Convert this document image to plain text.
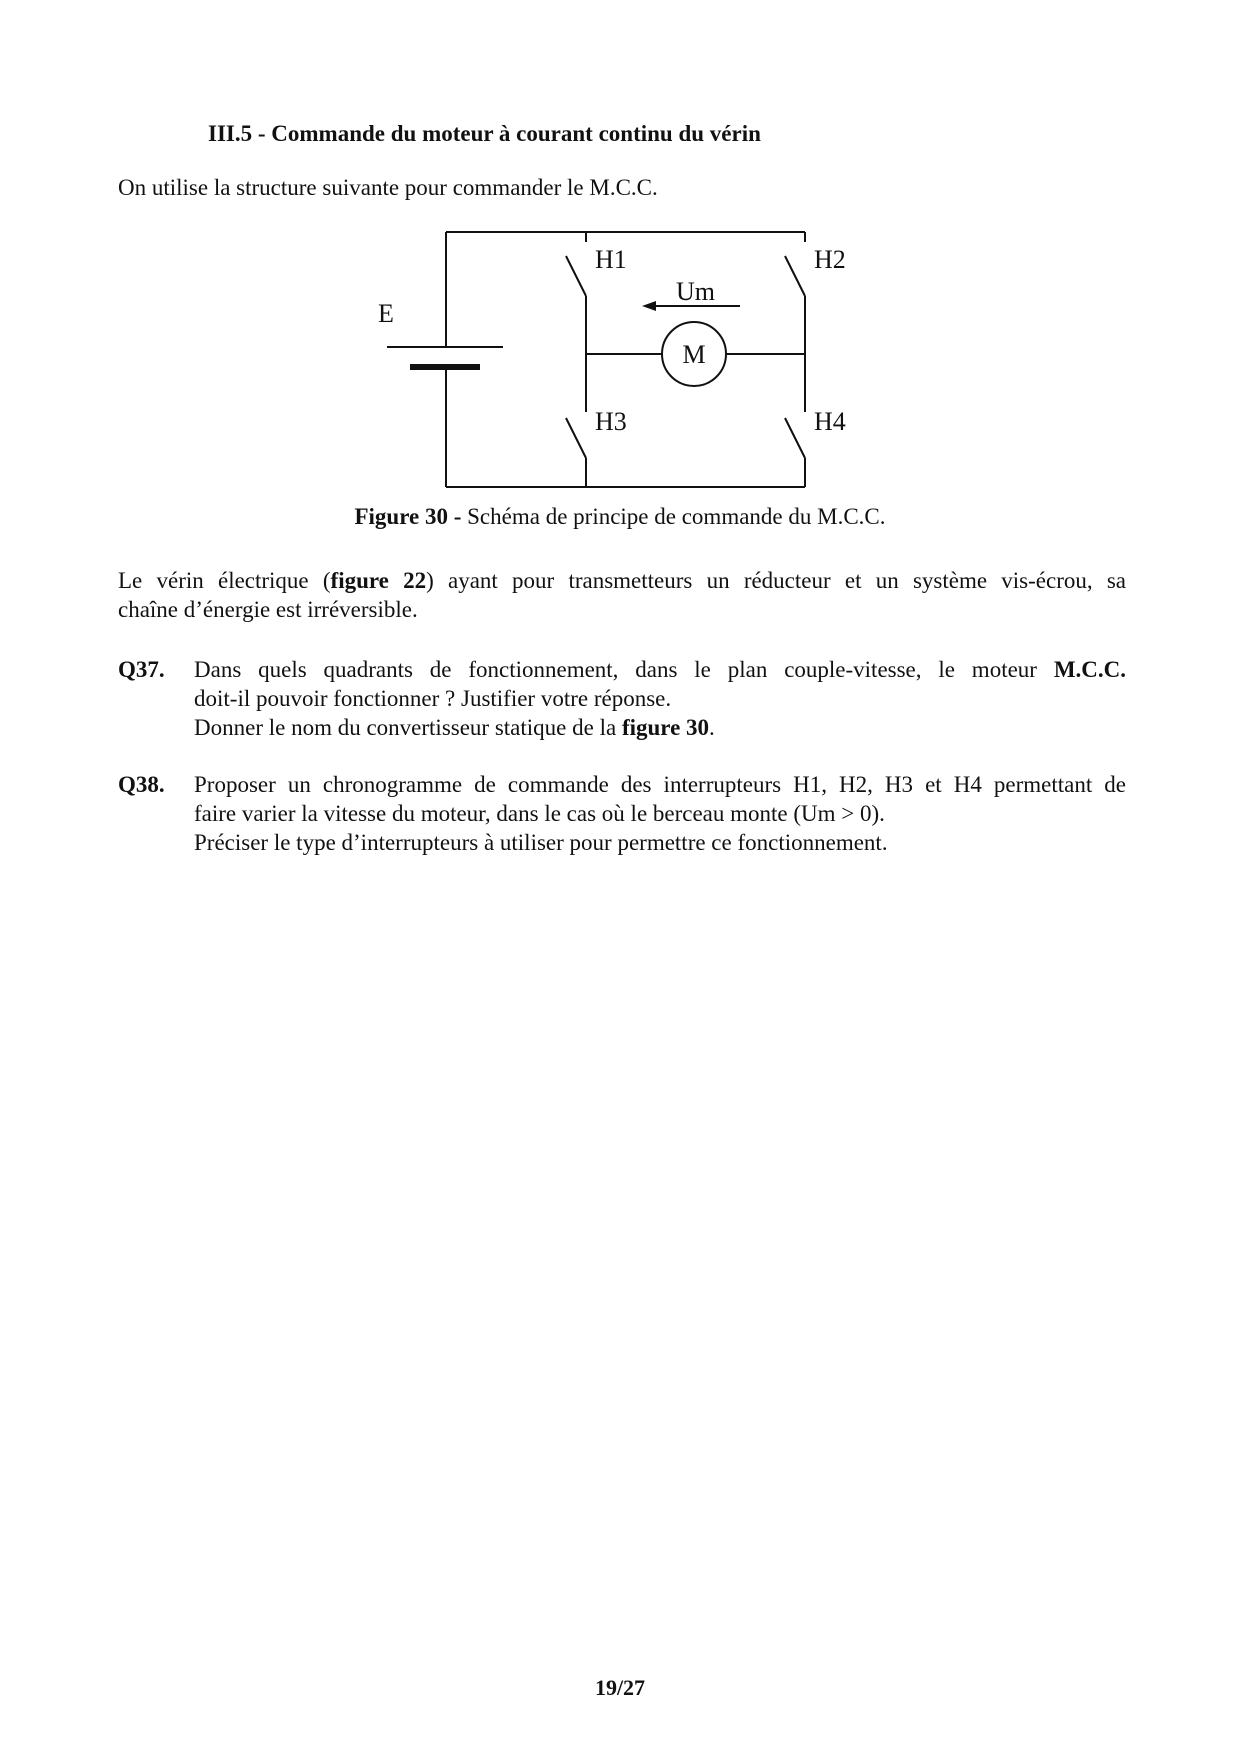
III.5 - Commande du moteur à courant continu du vérin
On utilise la structure suivante pour commander le M.C.C.
E
H1	H2
H3	H4
Um
M
Figure 30 - Schéma de principe de commande du M.C.C.
Le vérin électrique (figure 22) ayant pour transmetteurs un réducteur et un système vis-écrou, sa
chaîne d’énergie est irréversible.
Q37. Dans quels quadrants de fonctionnement, dans le plan couple-vitesse, le moteur M.C.C.
doit-il pouvoir fonctionner ? Justifier votre réponse.
Donner le nom du convertisseur statique de la figure 30.
Q38. Proposer un chronogramme de commande des interrupteurs H1, H2, H3 et H4 permettant de
faire varier la vitesse du moteur, dans le cas où le berceau monte (Um > 0).
Préciser le type d’interrupteurs à utiliser pour permettre ce fonctionnement.
19/27
